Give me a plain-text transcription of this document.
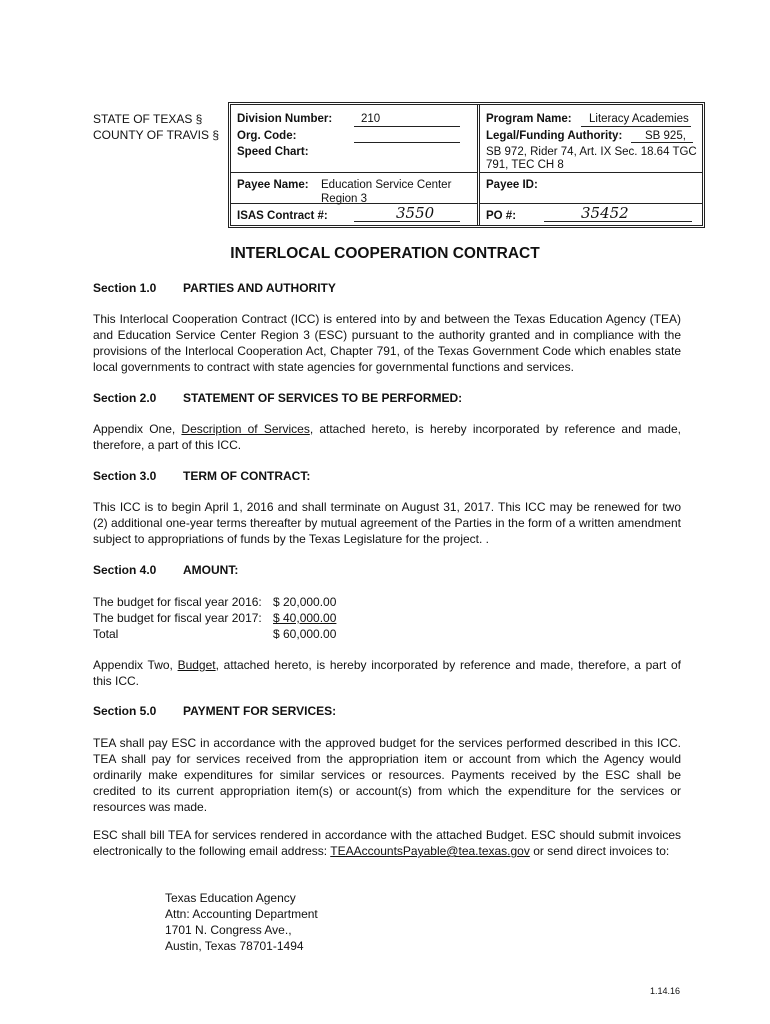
STATE OF TEXAS §
COUNTY OF TRAVIS §
Division Number:	210
Org. Code:
Speed Chart:
Payee Name: Education Service Center
Region 3
ISAS Contract #:	3550
Program Name: Literacy Academies
Legal/Funding Authority: SB 925,
SB 972, Rider 74, Art. IX Sec. 18.64 TGC
791, TEC CH 8
Payee ID:
PO #:	35452
INTERLOCAL COOPERATION CONTRACT
Section 1.0 PARTIES AND AUTHORITY
This Interlocal Cooperation Contract (ICC) is entered into by and between the Texas Education Agency (TEA) and Education Service Center Region 3 (ESC) pursuant to the authority granted and in compliance with the provisions of the Interlocal Cooperation Act, Chapter 791, of the Texas Government Code which enables state local governments to contract with state agencies for governmental functions and services.
Section 2.0 STATEMENT OF SERVICES TO BE PERFORMED:
Appendix One, Description of Services, attached hereto, is hereby incorporated by reference and made, therefore, a part of this ICC.
Section 3.0 TERM OF CONTRACT:
This ICC is to begin April 1, 2016 and shall terminate on August 31, 2017. This ICC may be renewed for two (2) additional one-year terms thereafter by mutual agreement of the Parties in the form of a written amendment subject to appropriations of funds by the Texas Legislature for the project. .
Section 4.0 AMOUNT:
The budget for fiscal year 2016: $ 20,000.00
The budget for fiscal year 2017: $ 40,000.00
Total	$ 60,000.00
Appendix Two, Budget, attached hereto, is hereby incorporated by reference and made, therefore, a part of this ICC.
Section 5.0 PAYMENT FOR SERVICES:
TEA shall pay ESC in accordance with the approved budget for the services performed described in this ICC. TEA shall pay for services received from the appropriation item or account from which the Agency would ordinarily make expenditures for similar services or resources. Payments received by the ESC shall be credited to its current appropriation item(s) or account(s) from which the expenditure for the services or resources was made.
ESC shall bill TEA for services rendered in accordance with the attached Budget. ESC should submit invoices electronically to the following email address: TEAAccountsPayable@tea.texas.gov or send direct invoices to:
Texas Education Agency
Attn: Accounting Department
1701 N. Congress Ave.,
Austin, Texas 78701-1494
1.14.16
